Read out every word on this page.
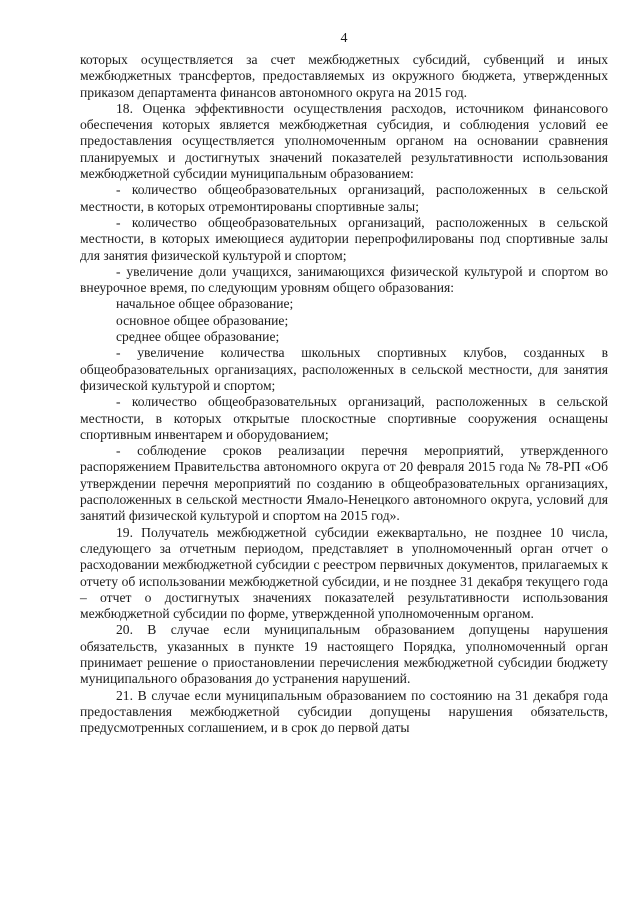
4

которых осуществляется за счет межбюджетных субсидий, субвенций и иных межбюджетных трансфертов, предоставляемых из окружного бюджета, утвержденных приказом департамента финансов автономного округа на 2015 год.

18. Оценка эффективности осуществления расходов, источником финансового обеспечения которых является межбюджетная субсидия, и соблюдения условий ее предоставления осуществляется уполномоченным органом на основании сравнения планируемых и достигнутых значений показателей результативности использования межбюджетной субсидии муниципальным образованием:

- количество общеобразовательных организаций, расположенных в сельской местности, в которых отремонтированы спортивные залы;

- количество общеобразовательных организаций, расположенных в сельской местности, в которых имеющиеся аудитории перепрофилированы под спортивные залы для занятия физической культурой и спортом;

- увеличение доли учащихся, занимающихся физической культурой и спортом во внеурочное время, по следующим уровням общего образования:

начальное общее образование;

основное общее образование;

среднее общее образование;

- увеличение количества школьных спортивных клубов, созданных в общеобразовательных организациях, расположенных в сельской местности, для занятия физической культурой и спортом;

- количество общеобразовательных организаций, расположенных в сельской местности, в которых открытые плоскостные спортивные сооружения оснащены спортивным инвентарем и оборудованием;

- соблюдение сроков реализации перечня мероприятий, утвержденного распоряжением Правительства автономного округа от 20 февраля 2015 года № 78-РП «Об утверждении перечня мероприятий по созданию в общеобразовательных организациях, расположенных в сельской местности Ямало-Ненецкого автономного округа, условий для занятий физической культурой и спортом на 2015 год».

19. Получатель межбюджетной субсидии ежеквартально, не позднее 10 числа, следующего за отчетным периодом, представляет в уполномоченный орган отчет о расходовании межбюджетной субсидии с реестром первичных документов, прилагаемых к отчету об использовании межбюджетной субсидии, и не позднее 31 декабря текущего года – отчет о достигнутых значениях показателей результативности использования межбюджетной субсидии по форме, утвержденной уполномоченным органом.

20. В случае если муниципальным образованием допущены нарушения обязательств, указанных в пункте 19 настоящего Порядка, уполномоченный орган принимает решение о приостановлении перечисления межбюджетной субсидии бюджету муниципального образования до устранения нарушений.

21. В случае если муниципальным образованием по состоянию на 31 декабря года предоставления межбюджетной субсидии допущены нарушения обязательств, предусмотренных соглашением, и в срок до первой даты
